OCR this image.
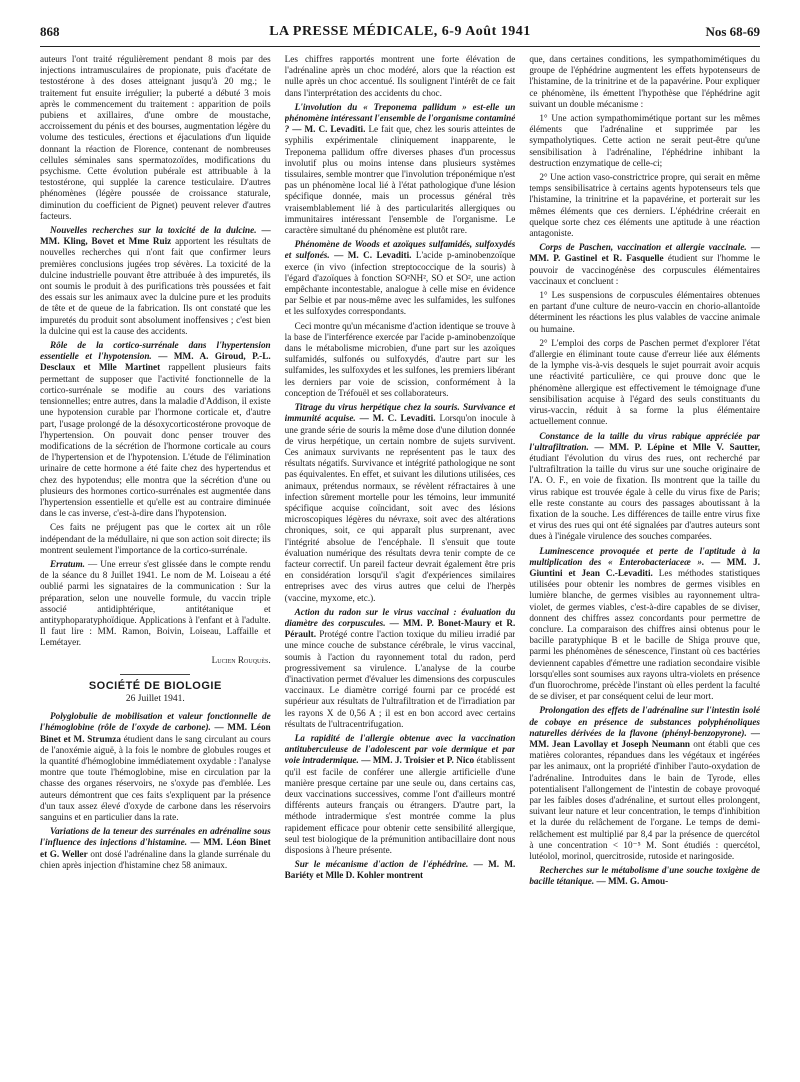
868	LA PRESSE MÉDICALE, 6-9 Août 1941	Nos 68-69

auteurs l'ont traité régulièrement pendant 8 mois par des injections intramusculaires de propionate, puis d'acétate de testostérone à des doses atteignant jusqu'à 20 mg.; le traitement fut ensuite irrégulier; la puberté a débuté 3 mois après le commencement du traitement : apparition de poils pubiens et axillaires, d'une ombre de moustache, accroissement du pénis et des bourses, augmentation légère du volume des testicules, érections et éjaculations d'un liquide donnant la réaction de Florence, contenant de nombreuses cellules séminales sans spermatozoïdes, modifications du psychisme. Cette évolution pubérale est attribuable à la testostérone, qui supplée la carence testiculaire. D'autres phénomènes (légère poussée de croissance staturale, diminution du coefficient de Pignet) peuvent relever d'autres facteurs.

Nouvelles recherches sur la toxicité de la dulcine. — MM. Kling, Bovet et Mme Ruiz apportent les résultats de nouvelles recherches qui n'ont fait que confirmer leurs premières conclusions jugées trop sévères. La toxicité de la dulcine industrielle pouvant être attribuée à des impuretés, ils ont soumis le produit à des purifications très poussées et fait des essais sur les animaux avec la dulcine pure et les produits de tête et de queue de la fabrication. Ils ont constaté que les impuretés du produit sont absolument inoffensives ; c'est bien la dulcine qui est la cause des accidents.

Rôle de la cortico-surrénale dans l'hypertension essentielle et l'hypotension. — MM. A. Giroud, P.-L. Desclaux et Mlle Martinet rappellent plusieurs faits permettant de supposer que l'activité fonctionnelle de la cortico-surrénale se modifie au cours des variations tensionnelles; entre autres, dans la maladie d'Addison, il existe une hypotension curable par l'hormone corticale et, d'autre part, l'usage prolongé de la désoxycorticostérone provoque de l'hypertension. On pouvait donc penser trouver des modifications de la sécrétion de l'hormone corticale au cours de l'hypertension et de l'hypotension. L'étude de l'élimination urinaire de cette hormone a été faite chez des hypertendus et chez des hypotendus; elle montra que la sécrétion d'une ou plusieurs des hormones cortico-surrénales est augmentée dans l'hypertension essentielle et qu'elle est au contraire diminuée dans le cas inverse, c'est-à-dire dans l'hypotension.

Ces faits ne préjugent pas que le cortex ait un rôle indépendant de la médullaire, ni que son action soit directe; ils montrent seulement l'importance de la cortico-surrénale.

Erratum. — Une erreur s'est glissée dans le compte rendu de la séance du 8 Juillet 1941. Le nom de M. Loiseau a été oublié parmi les signataires de la communication : Sur la préparation, selon une nouvelle formule, du vaccin triple associé antidiphtérique, antitétanique et antityphoparatyphoïdique. Applications à l'enfant et à l'adulte. Il faut lire : MM. Ramon, Boivin, Loiseau, Laffaille et Lemétayer.

Lucien Rouquès.
SOCIÉTÉ DE BIOLOGIE
26 Juillet 1941.

Polyglobulie de mobilisation et valeur fonctionnelle de l'hémoglobine (rôle de l'oxyde de carbone). — MM. Léon Binet et M. Strumza étudient dans le sang circulant au cours de l'anoxémie aiguë, à la fois le nombre de globules rouges et la quantité d'hémoglobine immédiatement oxydable : l'analyse montre que toute l'hémoglobine, mise en circulation par la chasse des organes réservoirs, ne s'oxyde pas d'emblée. Les auteurs démontrent que ces faits s'expliquent par la présence d'un taux assez élevé d'oxyde de carbone dans les réservoirs sanguins et en particulier dans la rate.

Variations de la teneur des surrénales en adrénaline sous l'influence des injections d'histamine. — MM. Léon Binet et G. Weller ont dosé l'adrénaline dans la glande surrénale du chien après injection d'histamine chez 58 animaux.

Les chiffres rapportés montrent une forte élévation de l'adrénaline après un choc modéré, alors que la réaction est nulle après un choc accentué. Ils soulignent l'intérêt de ce fait dans l'interprétation des accidents du choc.

L'involution du « Treponema pallidum » est-elle un phénomène intéressant l'ensemble de l'organisme contaminé ? — M. C. Levaditi. Le fait que, chez les souris atteintes de syphilis expérimentale cliniquement inapparente, le Treponema pallidum offre diverses phases d'un processus involutif plus ou moins intense dans plusieurs systèmes tissulaires, semble montrer que l'involution tréponémique n'est pas un phénomène local lié à l'état pathologique d'une lésion spécifique donnée, mais un processus général très vraisemblablement lié à des particularités allergiques ou immunitaires intéressant l'ensemble de l'organisme. Le caractère simultané du phénomène est plutôt rare.

Phénomène de Woods et azoïques sulfamidés, sulfoxydés et sulfonés. — M. C. Levaditi. L'acide p-aminobenzoïque exerce (in vivo (infection streptococcique de la souris) à l'égard d'azoïques à fonction SO²NH², SO et SO², une action empêchante incontestable, analogue à celle mise en évidence par Selbie et par nous-même avec les sulfamides, les sulfones et les sulfoxydes correspondants.

Ceci montre qu'un mécanisme d'action identique se trouve à la base de l'interférence exercée par l'acide p-aminobenzoïque dans le métabolisme microbien, d'une part sur les azoïques sulfamidés, sulfonés ou sulfoxydés, d'autre part sur les sulfamides, les sulfoxydes et les sulfones, les premiers libérant les derniers par voie de scission, conformément à la conception de Tréfouël et ses collaborateurs.

Titrage du virus herpétique chez la souris. Survivance et immunité acquise. — M. C. Levaditi. Lorsqu'on inocule à une grande série de souris la même dose d'une dilution donnée de virus herpétique, un certain nombre de sujets survivent. Ces animaux survivants ne représentent pas le taux des résultats négatifs. Survivance et intégrité pathologique ne sont pas équivalentes. En effet, et suivant les dilutions utilisées, ces animaux, prétendus normaux, se révèlent réfractaires à une infection sûrement mortelle pour les témoins, leur immunité spécifique acquise coïncidant, soit avec des lésions microscopiques légères du névraxe, soit avec des altérations chroniques, soit, ce qui apparaît plus surprenant, avec l'intégrité absolue de l'encéphale. Il s'ensuit que toute évaluation numérique des résultats devra tenir compte de ce facteur correctif. Un pareil facteur devrait également être pris en considération lorsqu'il s'agit d'expériences similaires entreprises avec des virus autres que celui de l'herpès (vaccine, myxome, etc.).

Action du radon sur le virus vaccinal : évaluation du diamètre des corpuscules. — MM. P. Bonet-Maury et R. Pérault. Protégé contre l'action toxique du milieu irradié par une mince couche de substance cérébrale, le virus vaccinal, soumis à l'action du rayonnement total du radon, perd progressivement sa virulence. L'analyse de la courbe d'inactivation permet d'évaluer les dimensions des corpuscules vaccinaux. Le diamètre corrigé fourni par ce procédé est supérieur aux résultats de l'ultrafiltration et de l'irradiation par les rayons X de 0,56 A ; il est en bon accord avec certains résultats de l'ultracentrifugation.

La rapidité de l'allergie obtenue avec la vaccination antituberculeuse de l'adolescent par voie dermique et par voie intradermique. — MM. J. Troisier et P. Nico établissent qu'il est facile de conférer une allergie artificielle d'une manière presque certaine par une seule ou, dans certains cas, deux vaccinations successives, comme l'ont d'ailleurs montré différents auteurs français ou étrangers. D'autre part, la méthode intradermique s'est montrée comme la plus rapidement efficace pour obtenir cette sensibilité allergique, seul test biologique de la prémunition antibacillaire dont nous disposions à l'heure présente.

Sur le mécanisme d'action de l'éphédrine. — M. M. Bariéty et Mlle D. Kohler montrent

que, dans certaines conditions, les sympathomimétiques du groupe de l'éphédrine augmentent les effets hypotenseurs de l'histamine, de la trinitrine et de la papavérine. Pour expliquer ce phénomène, ils émettent l'hypothèse que l'éphédrine agit suivant un double mécanisme :

1° Une action sympathomimétique portant sur les mêmes éléments que l'adrénaline et supprimée par les sympatholytiques. Cette action ne serait peut-être qu'une sensibilisation à l'adrénaline, l'éphédrine inhibant la destruction enzymatique de celle-ci;

2° Une action vaso-constrictrice propre, qui serait en même temps sensibilisatrice à certains agents hypotenseurs tels que l'histamine, la trinitrine et la papavérine, et porterait sur les mêmes éléments que ces derniers. L'éphédrine créerait en quelque sorte chez ces éléments une aptitude à une réaction antagoniste.

Corps de Paschen, vaccination et allergie vaccinale. — MM. P. Gastinel et R. Fasquelle étudient sur l'homme le pouvoir de vaccinogénèse des corpuscules élémentaires vaccinaux et concluent :

1° Les suspensions de corpuscules élémentaires obtenues en partant d'une culture de neuro-vaccin en chorio-allantoïde déterminent les réactions les plus valables de vaccine animale ou humaine.

2° L'emploi des corps de Paschen permet d'explorer l'état d'allergie en éliminant toute cause d'erreur liée aux éléments de la lymphe vis-à-vis desquels le sujet pourrait avoir acquis une réactivité particulière, ce qui prouve donc que le phénomène allergique est effectivement le témoignage d'une sensibilisation acquise à l'égard des seuls constituants du virus-vaccin, réduit à sa forme la plus élémentaire actuellement connue.

Constance de la taille du virus rabique appréciée par l'ultrafiltration. — MM. P. Lépine et Mlle V. Sautter, étudiant l'évolution du virus des rues, ont recherché par l'ultrafiltration la taille du virus sur une souche originaire de l'A. O. F., en voie de fixation. Ils montrent que la taille du virus rabique est trouvée égale à celle du virus fixe de Paris; elle reste constante au cours des passages aboutissant à la fixation de la souche. Les différences de taille entre virus fixe et virus des rues qui ont été signalées par d'autres auteurs sont dues à l'inégale virulence des souches comparées.

Luminescence provoquée et perte de l'aptitude à la multiplication des « Enterobacteriaceæ ». — MM. J. Giuntini et Jean C.-Levaditi. Les méthodes statistiques utilisées pour obtenir les nombres de germes visibles en lumière blanche, de germes visibles au rayonnement ultra-violet, de germes viables, c'est-à-dire capables de se diviser, donnent des chiffres assez concordants pour permettre de conclure. La comparaison des chiffres ainsi obtenus pour le bacille paratyphique B et le bacille de Shiga prouve que, parmi les phénomènes de sénescence, l'instant où ces bactéries deviennent capables d'émettre une radiation secondaire visible lorsqu'elles sont soumises aux rayons ultra-violets en présence d'un fluorochrome, précède l'instant où elles perdent la faculté de se diviser, et par conséquent celui de leur mort.

Prolongation des effets de l'adrénaline sur l'intestin isolé de cobaye en présence de substances polyphénoliques naturelles dérivées de la flavone (phényl-benzopyrone). — MM. Jean Lavollay et Joseph Neumann ont établi que ces matières colorantes, répandues dans les végétaux et ingérées par les animaux, ont la propriété d'inhiber l'auto-oxydation de l'adrénaline. Introduites dans le bain de Tyrode, elles potentialisent l'allongement de l'intestin de cobaye provoqué par les faibles doses d'adrénaline, et surtout elles prolongent, suivant leur nature et leur concentration, le temps d'inhibition et la durée du relâchement de l'organe. Le temps de demi-relâchement est multiplié par 8,4 par la présence de quercétol à une concentration < 10⁻⁵ M. Sont étudiés : quercétol, lutéolol, morinol, quercitroside, rutoside et naringoside.

Recherches sur le métabolisme d'une souche toxigène de bacille tétanique. — MM. G. Amou-
